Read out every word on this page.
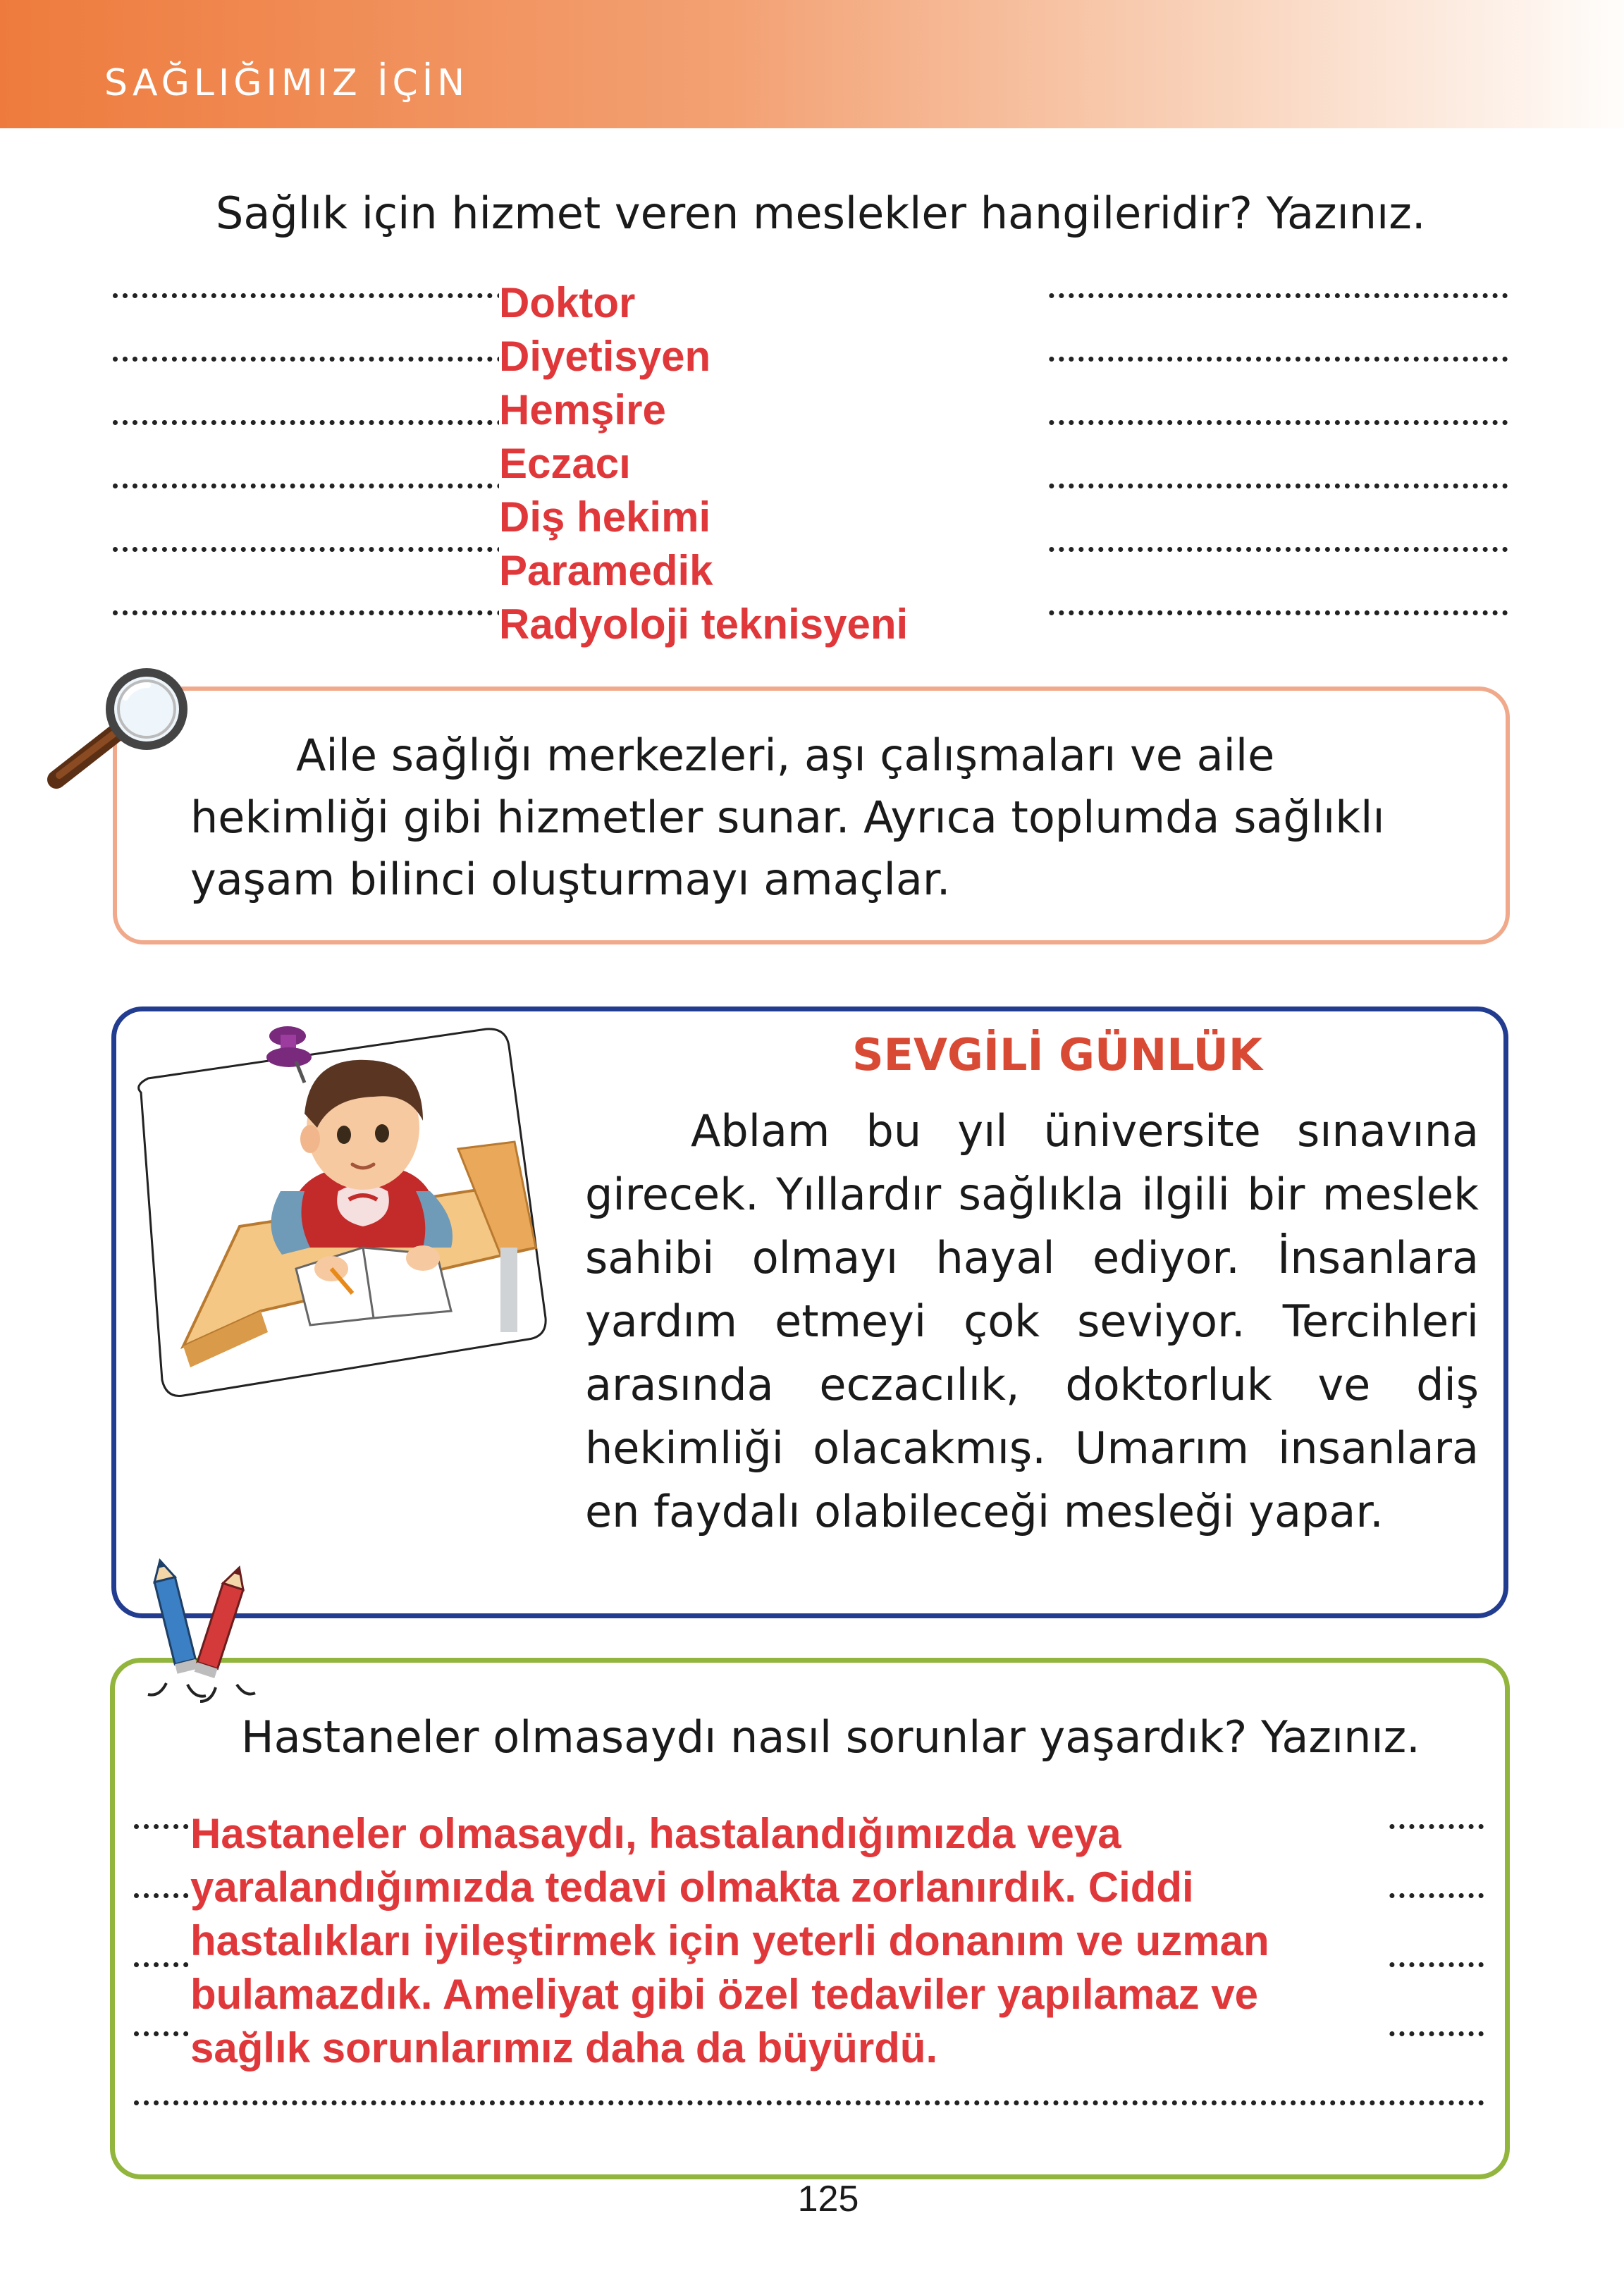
SAĞLIĞIMIZ İÇİN
Sağlık için hizmet veren meslekler hangileridir? Yazınız.
Doktor
Diyetisyen
Hemşire
Eczacı
Diş hekimi
Paramedik
Radyoloji teknisyeni
Aile sağlığı merkezleri, aşı çalışmaları ve aile hekimliği gibi hizmetler sunar. Ayrıca toplumda sağlıklı yaşam bilinci oluşturmayı amaçlar.
SEVGİLİ GÜNLÜK
Ablam bu yıl üniversite sınavına girecek. Yıllardır sağlıkla ilgili bir meslek sahibi olmayı hayal ediyor. İnsanlara yardım etmeyi çok seviyor. Tercihleri arasında eczacılık, doktorluk ve diş hekimliği olacakmış. Umarım insanlara en faydalı olabileceği mesleği yapar.
Hastaneler olmasaydı nasıl sorunlar yaşardık? Yazınız.
Hastaneler olmasaydı, hastalandığımızda veya yaralandığımızda tedavi olmakta zorlanırdık. Ciddi hastalıkları iyileştirmek için yeterli donanım ve uzman bulamazdık. Ameliyat gibi özel tedaviler yapılamaz ve sağlık sorunlarımız daha da büyürdü.
125
